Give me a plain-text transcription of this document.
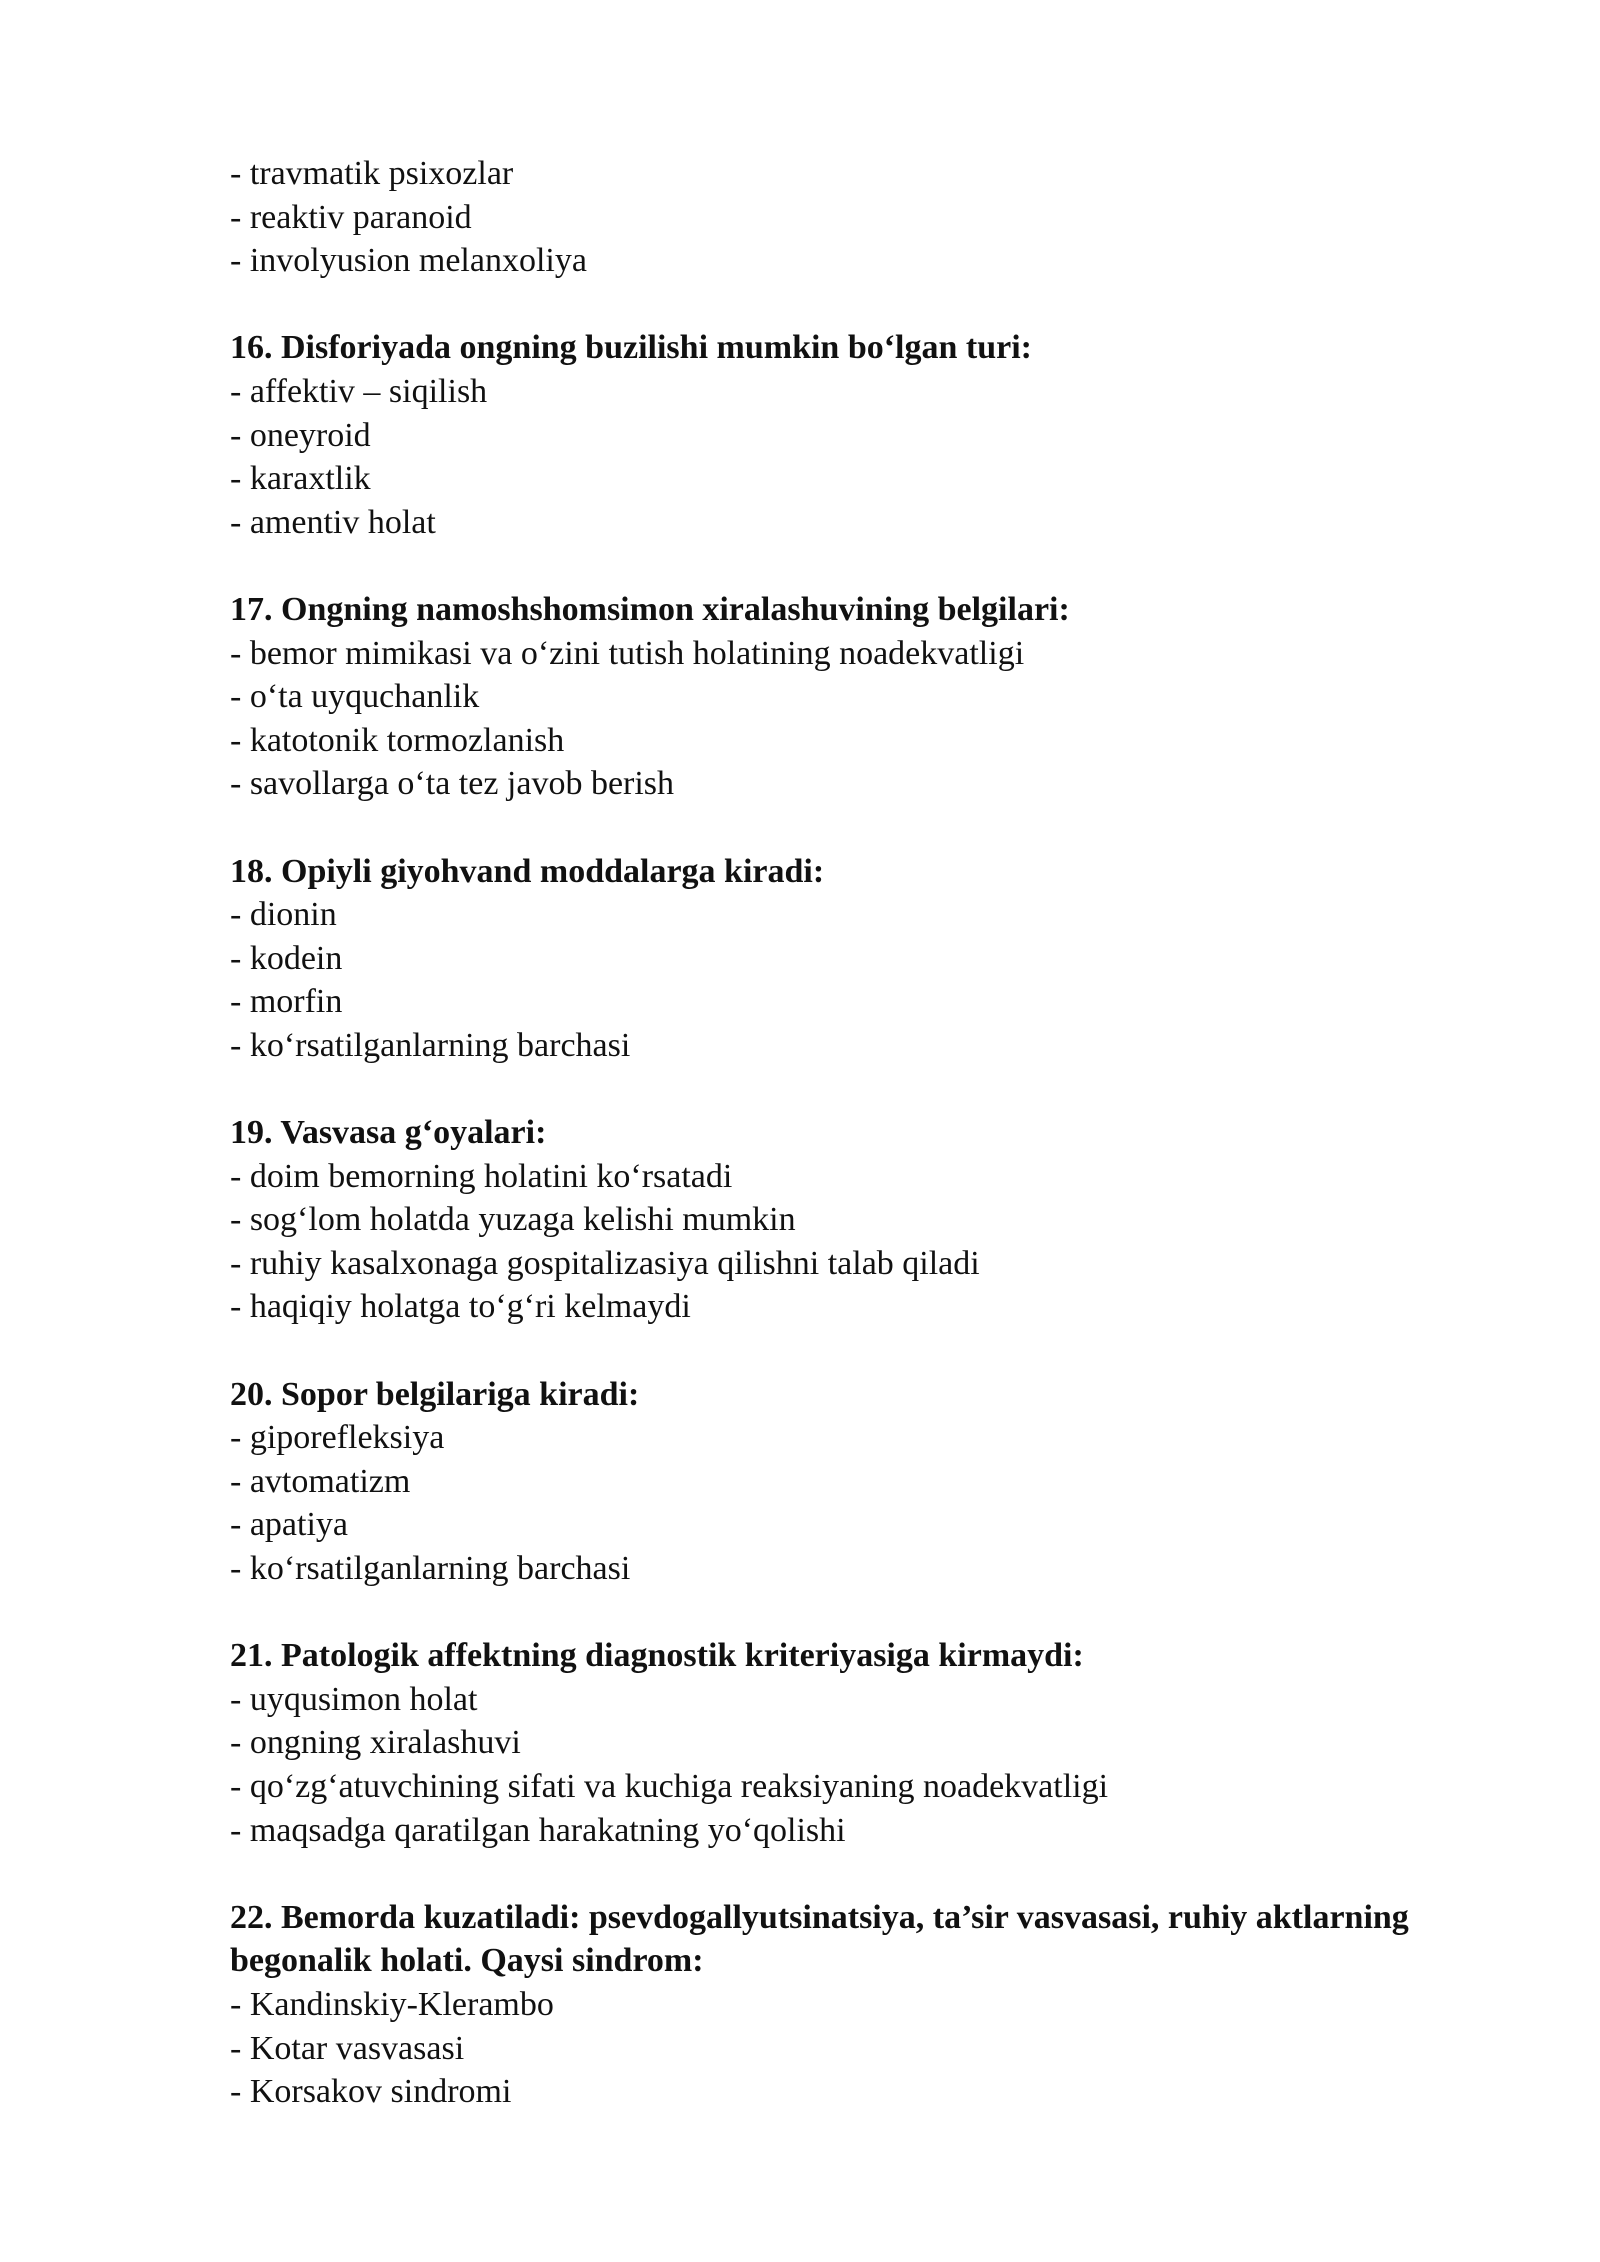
- travmatik psixozlar
- reaktiv paranoid
- involyusion melanxoliya
16. Disforiyada ongning buzilishi mumkin bo‘lgan turi:
- affektiv – siqilish
- oneyroid
- karaxtlik
- amentiv holat
17. Ongning namoshshomsimon xiralashuvining belgilari:
- bemor mimikasi va o‘zini tutish holatining noadekvatligi
- o‘ta uyquchanlik
- katotonik tormozlanish
- savollarga o‘ta tez javob berish
18. Opiyli giyohvand moddalarga kiradi:
- dionin
- kodein
- morfin
- ko‘rsatilganlarning barchasi
19. Vasvasa g‘oyalari:
- doim bemorning holatini ko‘rsatadi
- sog‘lom holatda yuzaga kelishi mumkin
- ruhiy kasalxonaga gospitalizasiya qilishni talab qiladi
- haqiqiy holatga to‘g‘ri kelmaydi
20. Sopor belgilariga kiradi:
- giporefleksiya
- avtomatizm
- apatiya
- ko‘rsatilganlarning barchasi
21. Patologik affektning diagnostik kriteriyasiga kirmaydi:
- uyqusimon holat
- ongning xiralashuvi
- qo‘zg‘atuvchining sifati va kuchiga reaksiyaning noadekvatligi
- maqsadga qaratilgan harakatning yo‘qolishi
22. Bemorda kuzatiladi: psevdogallyutsinatsiya, ta’sir vasvasasi, ruhiy aktlarning begonalik holati. Qaysi sindrom:
- Kandinskiy-Klerambo
- Kotar vasvasasi
- Korsakov sindromi
